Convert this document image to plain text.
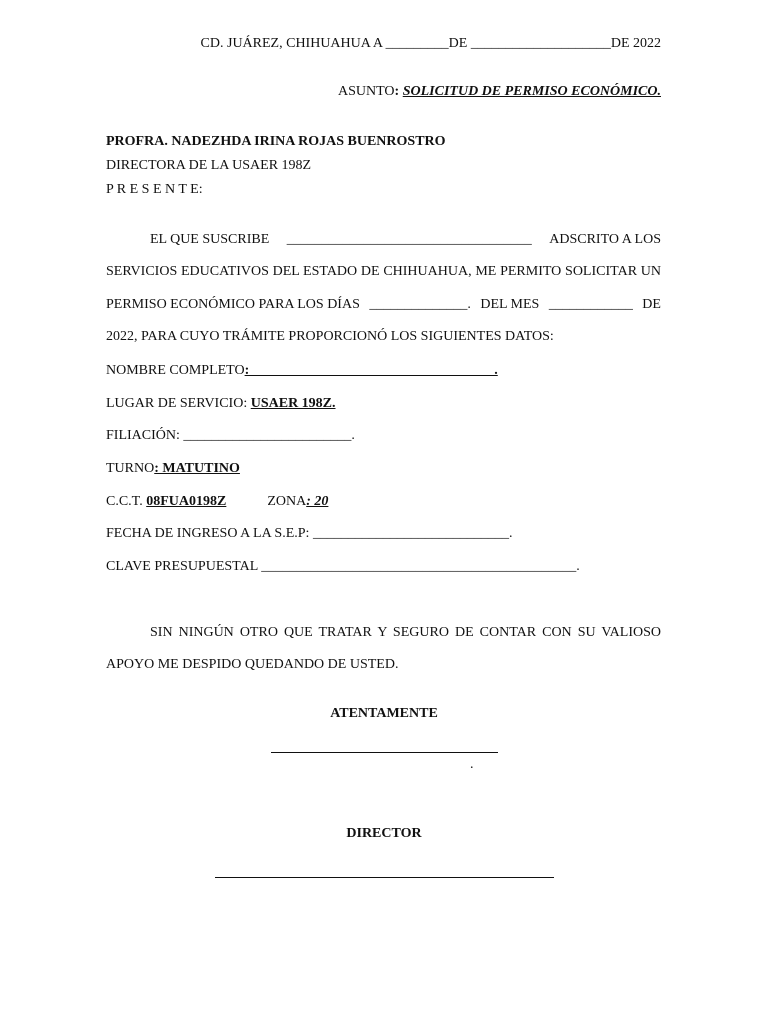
CD. JUÁREZ, CHIHUAHUA A _________DE ____________________DE 2022
ASUNTO: SOLICITUD DE PERMISO ECONÓMICO.
PROFRA. NADEZHDA IRINA ROJAS BUENROSTRO
DIRECTORA DE LA USAER 198Z
P R E S E N T E:
EL QUE SUSCRIBE ___________________________________ ADSCRITO A LOS
SERVICIOS EDUCATIVOS DEL ESTADO DE CHIHUAHUA, ME PERMITO SOLICITAR UN
PERMISO ECONÓMICO PARA LOS DÍAS ______________. DEL MES ____________ DE
2022, PARA CUYO TRÁMITE PROPORCIONÓ LOS SIGUIENTES DATOS:
NOMBRE COMPLETO:___________________________________.
LUGAR DE SERVICIO: USAER 198Z.
FILIACIÓN: ________________________.
TURNO: MATUTINO
C.C.T. 08FUA0198Z	ZONA: 20
FECHA DE INGRESO A LA S.E.P: ____________________________.
CLAVE PRESUPUESTAL _____________________________________________.
SIN NINGÚN OTRO QUE TRATAR Y SEGURO DE CONTAR CON SU VALIOSO
APOYO ME DESPIDO QUEDANDO DE USTED.
ATENTAMENTE
.
DIRECTOR
